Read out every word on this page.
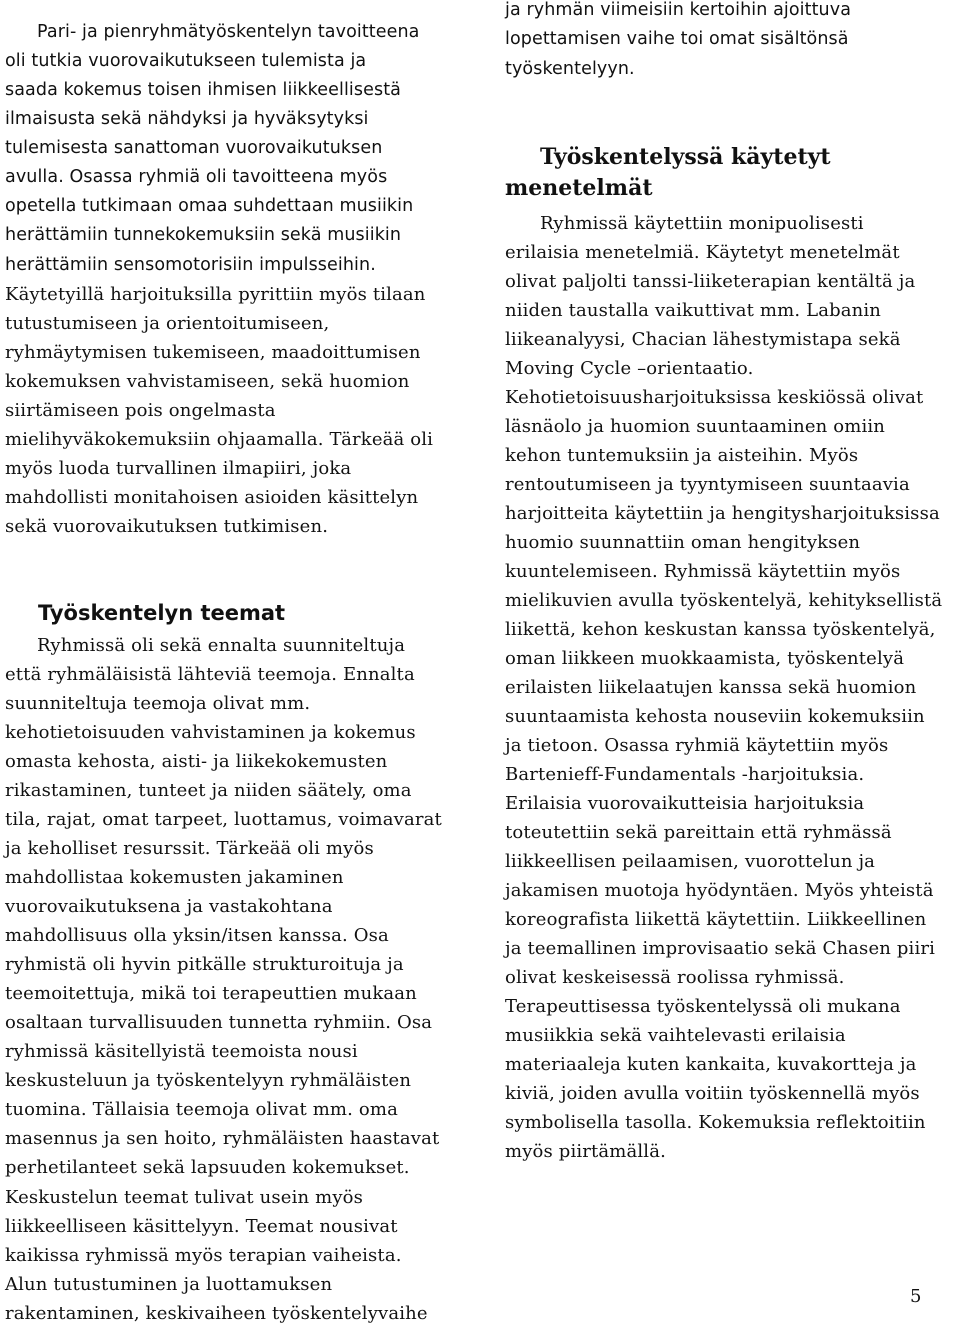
Pari- ja pienryhmätyöskentelyn tavoitteena
oli tutkia vuorovaikutukseen tulemista ja
saada kokemus toisen ihmisen liikkeellisestä
ilmaisusta sekä nähdyksi ja hyväksytyksi
tulemisesta sanattoman vuorovaikutuksen
avulla. Osassa ryhmiä oli tavoitteena myös
opetella tutkimaan omaa suhdettaan musiikin
herättämiin tunnekokemuksiin sekä musiikin
herättämiin sensomotorisiin impulsseihin.
Käytetyillä harjoituksilla pyrittiin myös tilaan
tutustumiseen ja orientoitumiseen,
ryhmäytymisen tukemiseen, maadoittumisen
kokemuksen vahvistamiseen, sekä huomion
siirtämiseen pois ongelmasta
mielihyväkokemuksiin ohjaamalla. Tärkeää oli
myös luoda turvallinen ilmapiiri, joka
mahdollisti monitahoisen asioiden käsittelyn
sekä vuorovaikutuksen tutkimisen.
Työskentelyn teemat
Ryhmissä oli sekä ennalta suunniteltuja
että ryhmäläisistä lähteviä teemoja. Ennalta
suunniteltuja teemoja olivat mm.
kehotietoisuuden vahvistaminen ja kokemus
omasta kehosta, aisti- ja liikekokemusten
rikastaminen, tunteet ja niiden säätely, oma
tila, rajat, omat tarpeet, luottamus, voimavarat
ja keholliset resurssit. Tärkeää oli myös
mahdollistaa kokemusten jakaminen
vuorovaikutuksena ja vastakohtana
mahdollisuus olla yksin/itsen kanssa. Osa
ryhmistä oli hyvin pitkälle strukturoituja ja
teemoitettuja, mikä toi terapeuttien mukaan
osaltaan turvallisuuden tunnetta ryhmiin. Osa
ryhmissä käsitellyistä teemoista nousi
keskusteluun ja työskentelyyn ryhmäläisten
tuomina. Tällaisia teemoja olivat mm. oma
masennus ja sen hoito, ryhmäläisten haastavat
perhetilanteet sekä lapsuuden kokemukset.
Keskustelun teemat tulivat usein myös
liikkeelliseen käsittelyyn. Teemat nousivat
kaikissa ryhmissä myös terapian vaiheista.
Alun tutustuminen ja luottamuksen
rakentaminen, keskivaiheen työskentelyvaihe
ja ryhmän viimeisiin kertoihin ajoittuva
lopettamisen vaihe toi omat sisältönsä
työskentelyyn.
Työskentelyssä käytetyt
menetelmät
Ryhmissä käytettiin monipuolisesti
erilaisia menetelmiä. Käytetyt menetelmät
olivat paljolti tanssi-liiketerapian kentältä ja
niiden taustalla vaikuttivat mm. Labanin
liikeanalyysi, Chacian lähestymistapa sekä
Moving Cycle –orientaatio.
Kehotietoisuusharjoituksissa keskiössä olivat
läsnäolo ja huomion suuntaaminen omiin
kehon tuntemuksiin ja aisteihin. Myös
rentoutumiseen ja tyyntymiseen suuntaavia
harjoitteita käytettiin ja hengitysharjoituksissa
huomio suunnattiin oman hengityksen
kuuntelemiseen. Ryhmissä käytettiin myös
mielikuvien avulla työskentelyä, kehityksellistä
liikettä, kehon keskustan kanssa työskentelyä,
oman liikkeen muokkaamista, työskentelyä
erilaisten liikelaatujen kanssa sekä huomion
suuntaamista kehosta nouseviin kokemuksiin
ja tietoon. Osassa ryhmiä käytettiin myös
Bartenieff-Fundamentals -harjoituksia.
Erilaisia vuorovaikutteisia harjoituksia
toteutettiin sekä pareittain että ryhmässä
liikkeellisen peilaamisen, vuorottelun ja
jakamisen muotoja hyödyntäen. Myös yhteistä
koreografista liikettä käytettiin. Liikkeellinen
ja teemallinen improvisaatio sekä Chasen piiri
olivat keskeisessä roolissa ryhmissä.
Terapeuttisessa työskentelyssä oli mukana
musiikkia sekä vaihtelevasti erilaisia
materiaaleja kuten kankaita, kuvakortteja ja
kiviä, joiden avulla voitiin työskennellä myös
symbolisella tasolla. Kokemuksia reflektoitiin
myös piirtämällä.
5
